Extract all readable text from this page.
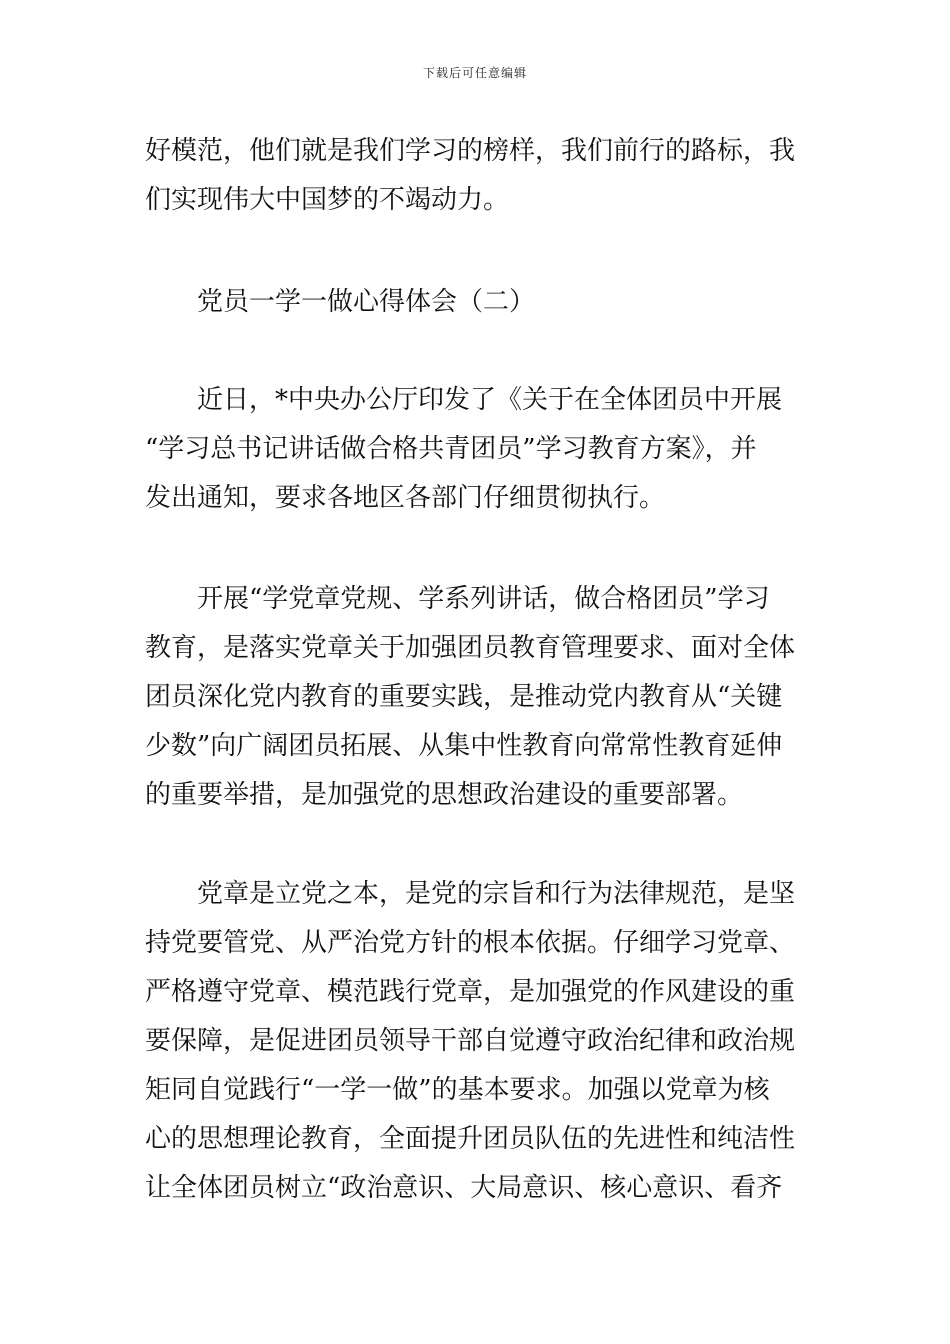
下载后可任意编辑
好模范，他们就是我们学习的榜样，我们前行的路标，我
们实现伟大中国梦的不竭动力。
党员一学一做心得体会（二）
近日，*中央办公厅印发了《关于在全体团员中开展
“学习总书记讲话做合格共青团员”学习教育方案》，并
发出通知，要求各地区各部门仔细贯彻执行。
开展“学党章党规、学系列讲话，做合格团员”学习
教育，是落实党章关于加强团员教育管理要求、面对全体
团员深化党内教育的重要实践，是推动党内教育从“关键
少数”向广阔团员拓展、从集中性教育向常常性教育延伸
的重要举措，是加强党的思想政治建设的重要部署。
党章是立党之本，是党的宗旨和行为法律规范，是坚
持党要管党、从严治党方针的根本依据。仔细学习党章、
严格遵守党章、模范践行党章，是加强党的作风建设的重
要保障，是促进团员领导干部自觉遵守政治纪律和政治规
矩同自觉践行“一学一做”的基本要求。加强以党章为核
心的思想理论教育，全面提升团员队伍的先进性和纯洁性
让全体团员树立“政治意识、大局意识、核心意识、看齐
